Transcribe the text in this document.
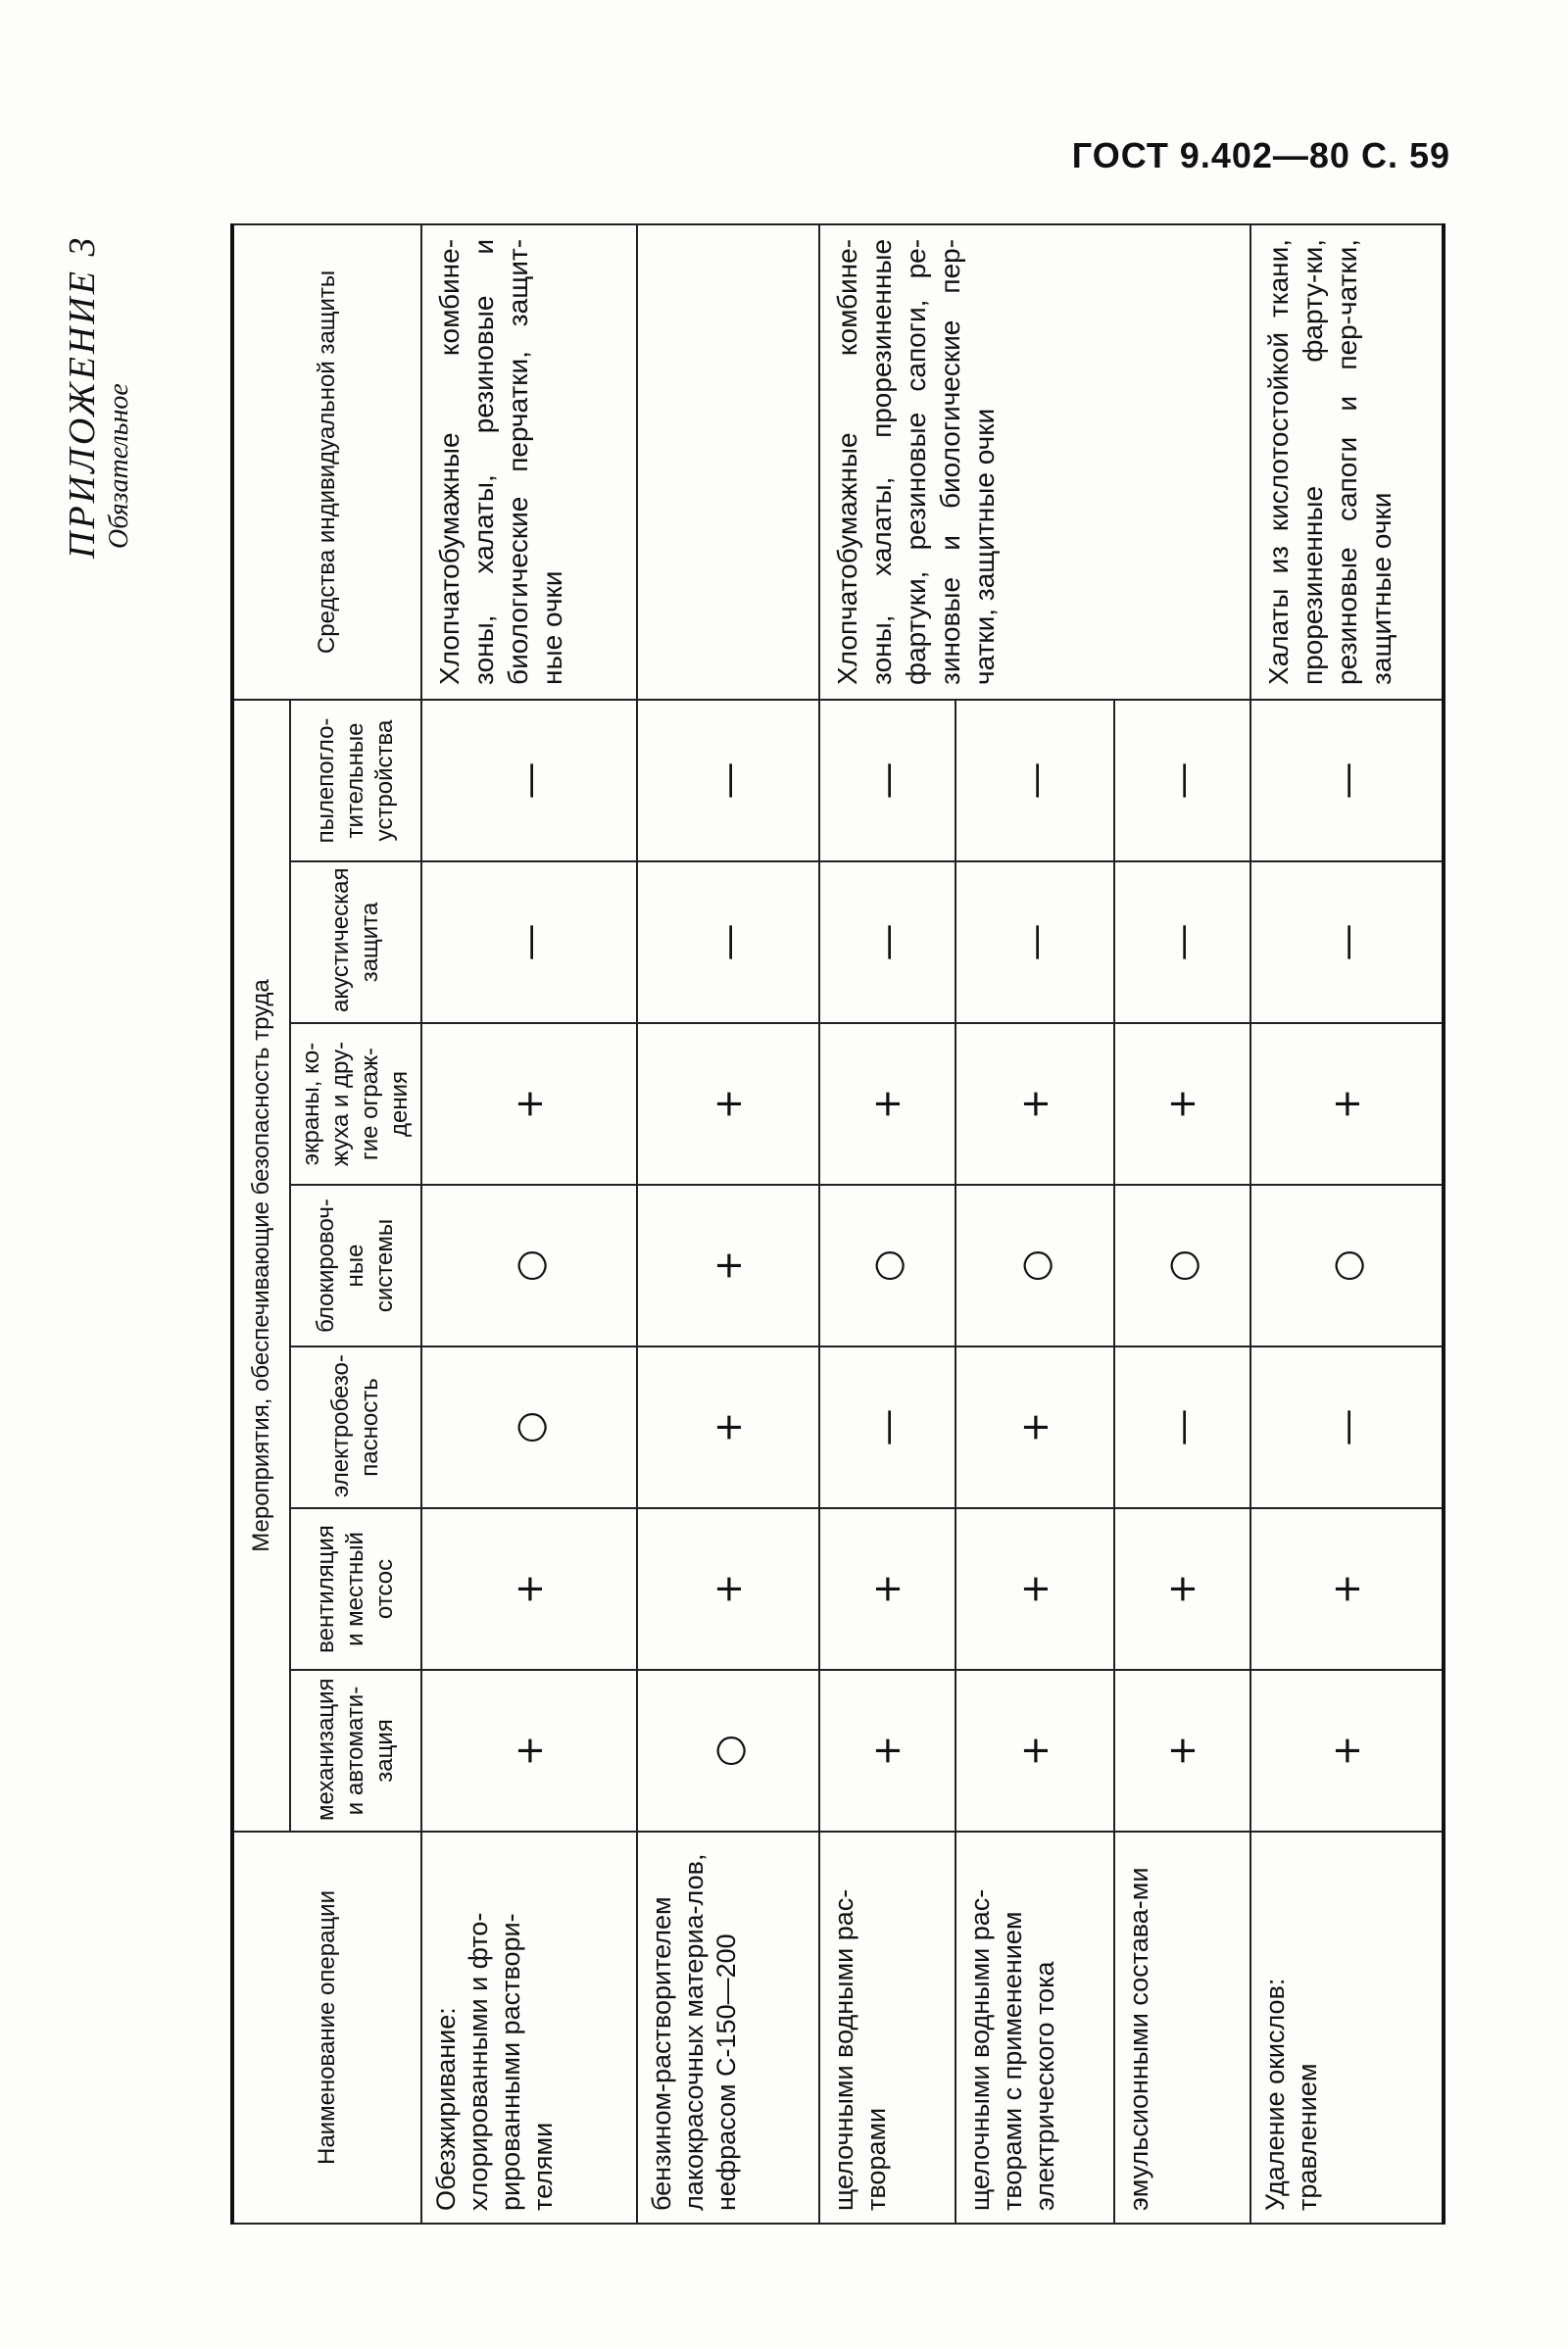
ГОСТ 9.402—80 С. 59
ПРИЛОЖЕНИЕ 3 Обязательное
Наименование операции	Мероприятия, обеспечивающие безопасность труда							Средства индивидуальной защиты
	механизация и автомати-зация	вентиляция и местный отсос	электробезо-пасность	блокировоч-ные системы	экраны, ко-жуха и дру-гие ограж-дения	акустическая защита	пылепогло-тительные устройства	
Обезжиривание: хлорированными и фто-рированными раствори-телями	+	+	○	○	+	—	—	Хлопчатобумажные комбине-зоны, халаты, резиновые и биологические перчатки, защит-ные очки

бензином-растворителем лакокрасочных материа-лов, нефрасом С-150—200	○	+	+	+	+	—	—	
щелочными водными рас-творами	+	+	—	○	+	—	—	Хлопчатобумажные комбине-зоны, халаты, прорезиненные фартуки, резиновые сапоги, ре-зиновые и биологические пер-чатки, защитные очки

щелочными водными рас-творами с применением электрического тока	+	+	+	○	+	—	—	
эмульсионными состава-ми	+	+	—	○	+	—	—	
Удаление окислов: травлением	+	+	—	○	+	—	—	Халаты из кислотостойкой ткани, прорезиненные фарту-ки, резиновые сапоги и пер-чатки, защитные очки
